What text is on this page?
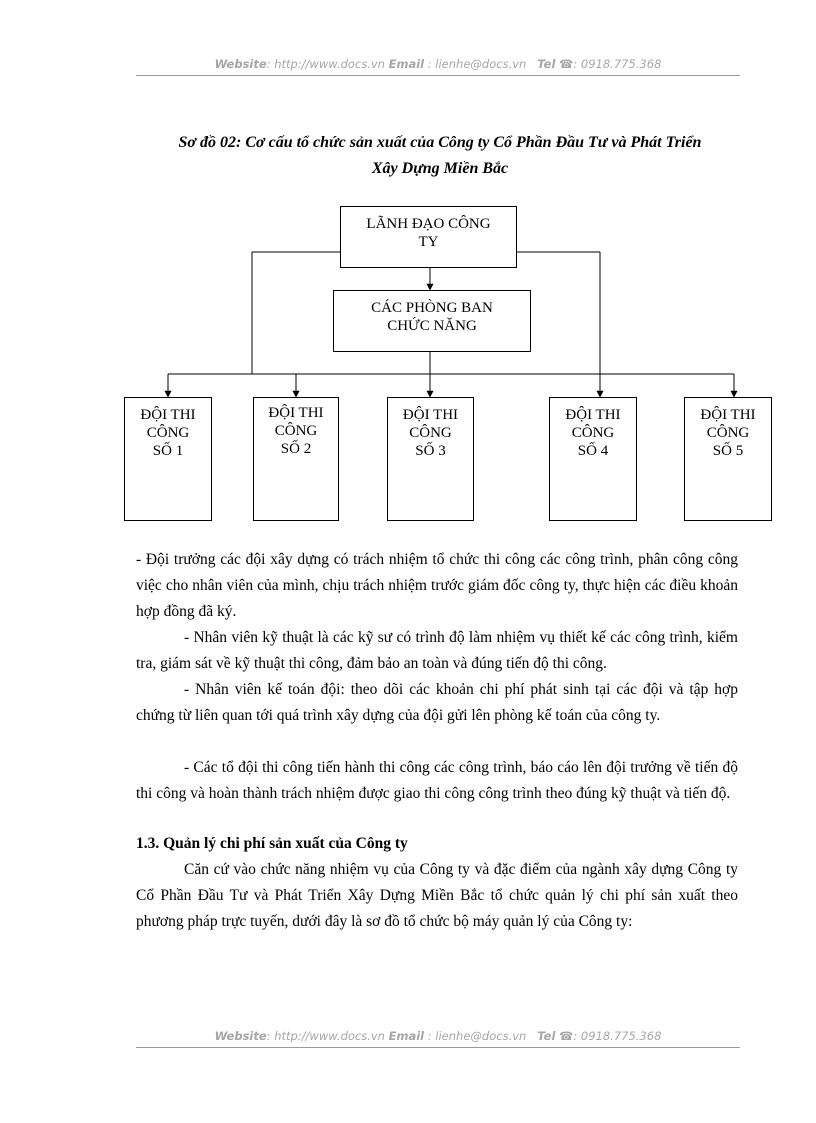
Website: http://www.docs.vn Email : lienhe@docs.vn Tel ☎: 0918.775.368
Sơ đồ 02: Cơ cấu tổ chức sản xuất của Công ty Cổ Phần Đầu Tư và Phát Triển
Xây Dựng Miền Bắc
LÃNH ĐẠO CÔNG
TY
CÁC PHÒNG BAN
CHỨC NĂNG
ĐỘI THI
CÔNG
SỐ 1
ĐỘI THI
CÔNG
SỐ 2
ĐỘI THI
CÔNG
SỐ 3
ĐỘI THI
CÔNG
SỐ 4
ĐỘI THI
CÔNG
SỐ 5
- Đội trưởng các đội xây dựng có trách nhiệm tổ chức thi công các công trình, phân công công việc cho nhân viên của mình, chịu trách nhiệm trước giám đốc công ty, thực hiện các điều khoản hợp đồng đã ký.
- Nhân viên kỹ thuật là các kỹ sư có trình độ làm nhiệm vụ thiết kế các công trình, kiểm tra, giám sát về kỹ thuật thi công, đảm bảo an toàn và đúng tiến độ thi công.
- Nhân viên kế toán đội: theo dõi các khoản chi phí phát sinh tại các đội và tập hợp chứng từ liên quan tới quá trình xây dựng của đội gửi lên phòng kế toán của công ty.
- Các tổ đội thi công tiến hành thi công các công trình, báo cáo lên đội trưởng về tiến độ thi công và hoàn thành trách nhiệm được giao thi công công trình theo đúng kỹ thuật và tiến độ.
1.3. Quản lý chi phí sản xuất của Công ty
Căn cứ vào chức năng nhiệm vụ của Công ty và đặc điểm của ngành xây dựng Công ty Cổ Phần Đầu Tư và Phát Triển Xây Dựng Miền Bắc tổ chức quản lý chi phí sản xuất theo phương pháp trực tuyến, dưới đây là sơ đồ tổ chức bộ máy quản lý của Công ty:
Website: http://www.docs.vn Email : lienhe@docs.vn Tel ☎: 0918.775.368
